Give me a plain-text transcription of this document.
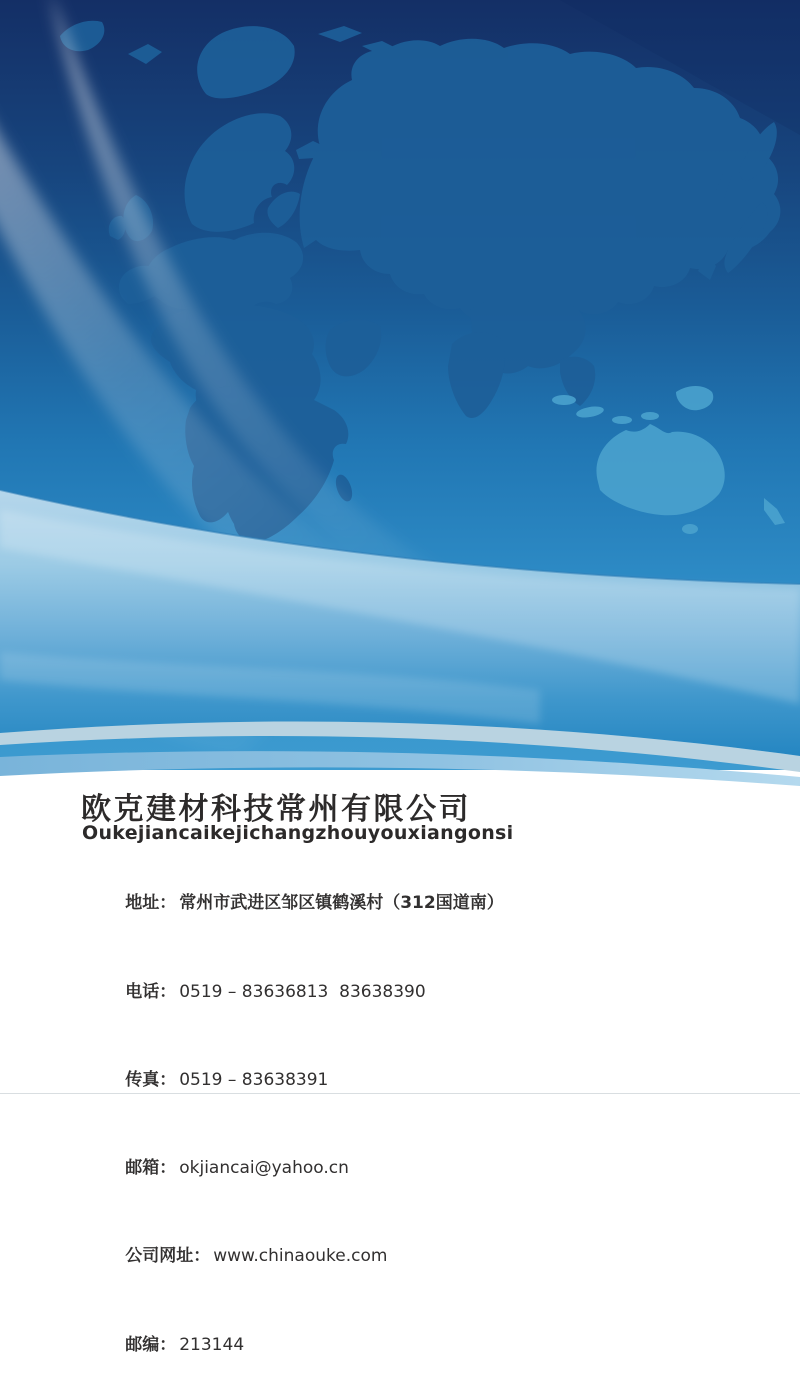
欧克建材科技常州有限公司
Oukejiancaikejichangzhouyouxiangonsi

地址： 常州市武进区邹区镇鹤溪村（312国道南）

电话： 0519 – 83636813  83638390

传真： 0519 – 83638391

邮箱： okjiancai@yahoo.cn

公司网址： www.chinaouke.com

邮编： 213144
